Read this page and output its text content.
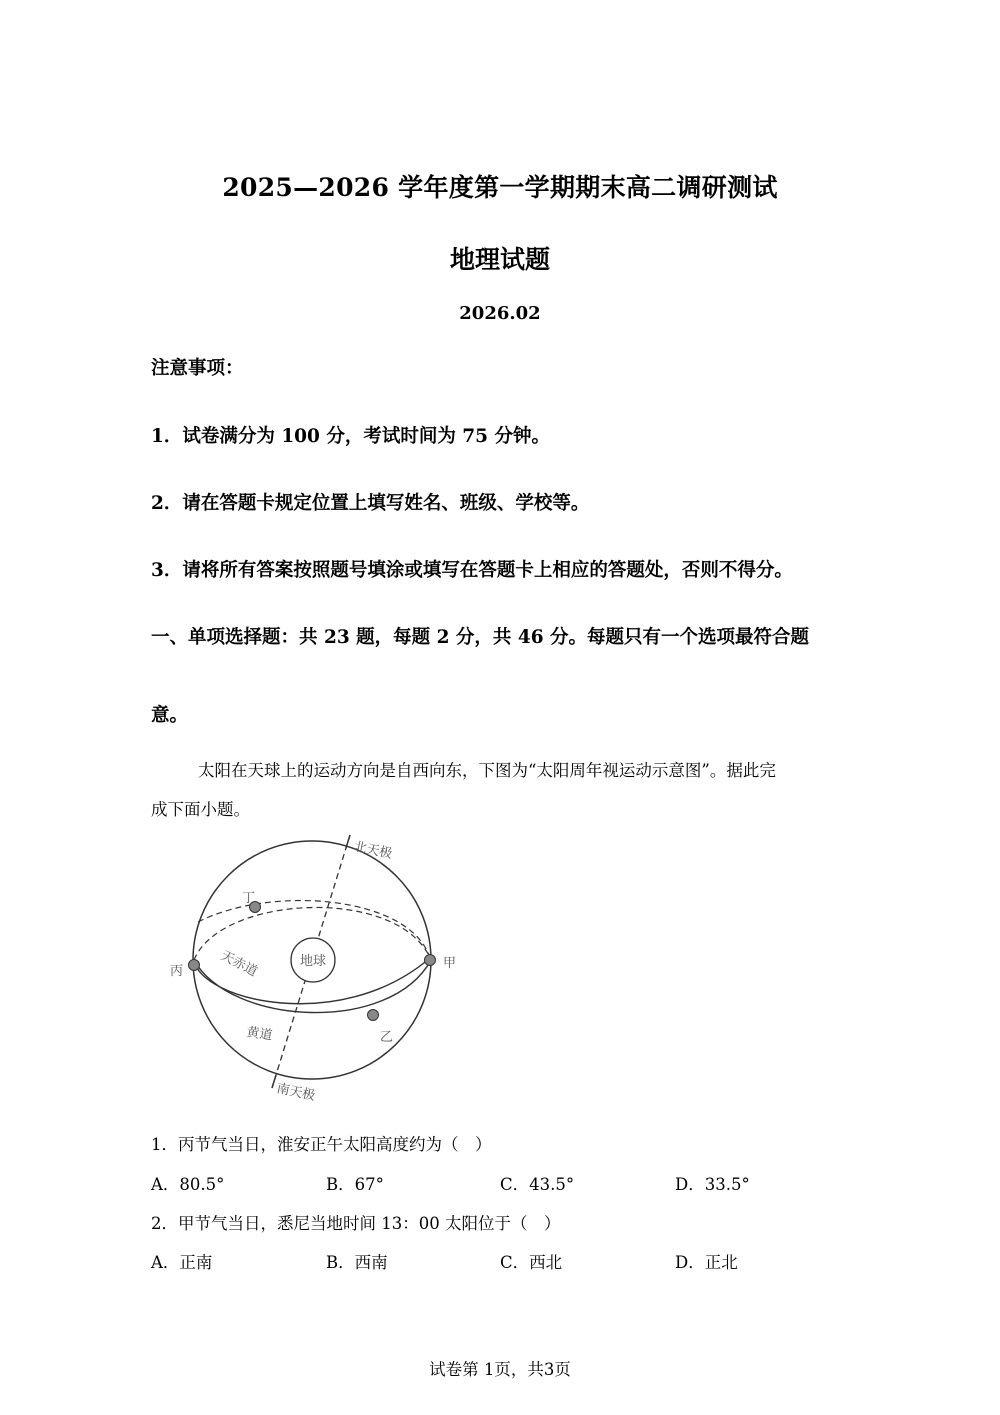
2025—2026 学年度第一学期期末高二调研测试
地理试题
2026.02
注意事项：
1．试卷满分为 100 分，考试时间为 75 分钟。
2．请在答题卡规定位置上填写姓名、班级、学校等。
3．请将所有答案按照题号填涂或填写在答题卡上相应的答题处，否则不得分。
一、单项选择题：共 23 题，每题 2 分，共 46 分。每题只有一个选项最符合题
意。
太阳在天球上的运动方向是自西向东，下图为“太阳周年视运动示意图”。据此完
成下面小题。
地球
北天极
南天极
天赤道
黄道
丁
丙
甲
乙
1．丙节气当日，淮安正午太阳高度约为（　）
A．80.5°	B．67°	C．43.5°	D．33.5°
2．甲节气当日，悉尼当地时间 13：00 太阳位于（　）
A．正南	B．西南	C．西北	D．正北
试卷第 1页，共3页
